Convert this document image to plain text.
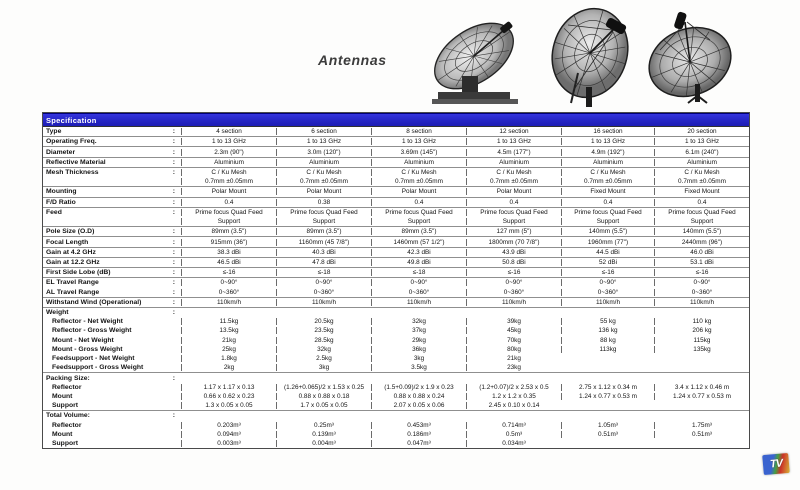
Antennas
Specification
Type	:	4 section	6 section	8 section	12 section	16 section	20 section
Operating Freq.	:	1 to 13 GHz	1 to 13 GHz	1 to 13 GHz	1 to 13 GHz	1 to 13 GHz	1 to 13 GHz
Diameter	:	2.3m (90")	3.0m (120")	3.69m (145")	4.5m (177")	4.9m (192")	6.1m (240")
Reflective Material	:	Aluminium	Aluminium	Aluminium	Aluminium	Aluminium	Aluminium
Mesh Thickness	:	C / Ku Mesh	C / Ku Mesh	C / Ku Mesh	C / Ku Mesh	C / Ku Mesh	C / Ku Mesh
0.7mm ±0.05mm	0.7mm ±0.05mm	0.7mm ±0.05mm	0.7mm ±0.05mm	0.7mm ±0.05mm	0.7mm ±0.05mm
Mounting	:	Polar Mount	Polar Mount	Polar Mount	Polar Mount	Fixed Mount	Fixed Mount
F/D Ratio	:	0.4	0.38	0.4	0.4	0.4	0.4
Feed	:	Prime focus Quad Feed	Prime focus Quad Feed	Prime focus Quad Feed	Prime focus Quad Feed	Prime focus Quad Feed	Prime focus Quad Feed
Support	Support	Support	Support	Support	Support
Pole Size (O.D)	:	89mm (3.5")	89mm (3.5")	89mm (3.5")	127 mm (5")	140mm (5.5")	140mm (5.5")
Focal Length	:	915mm (36")	1160mm (45 7/8")	1460mm (57 1/2")	1800mm (70 7/8")	1960mm (77")	2440mm (96")
Gain at 4.2 GHz	:	38.3 dBi	40.3 dBi	42.3 dBi	43.9 dBi	44.5 dBi	46.0 dBi
Gain at 12.2 GHz	:	46.5 dBi	47.8 dBi	49.8 dBi	50.8 dBi	52 dBi	53.1 dBi
First Side Lobe (dB)	:	≤-16	≤-18	≤-18	≤-16	≤-16	≤-16
EL Travel Range	:	0~90°	0~90°	0~90°	0~90°	0~90°	0~90°
AL Travel Range	:	0~360°	0~360°	0~360°	0~360°	0~360°	0~360°
Withstand Wind (Operational)	:	110km/h	110km/h	110km/h	110km/h	110km/h	110km/h
Weight	:
Reflector - Net Weight	11.5kg	20.5kg	32kg	39kg	55 kg	110 kg
Reflector - Gross Weight	13.5kg	23.5kg	37kg	45kg	136 kg	206 kg
Mount - Net Weight	21kg	28.5kg	29kg	70kg	88 kg	115kg
Mount - Gross Weight	25kg	32kg	36kg	80kg	113kg	135kg
Feedsupport - Net Weight	1.8kg	2.5kg	3kg	21kg
Feedsupport - Gross Weight	2kg	3kg	3.5kg	23kg
Packing Size:	:
Reflector	1.17 x 1.17 x 0.13	(1.26+0.065)/2 x 1.53 x 0.25	(1.5+0.09)/2 x 1.9 x 0.23	(1.2+0.07)/2 x 2.53 x 0.5	2.75 x 1.12 x 0.34 m	3.4 x 1.12 x 0.46 m
Mount	0.66 x 0.62 x 0.23	0.88 x 0.88 x 0.18	0.88 x 0.88 x 0.24	1.2 x 1.2 x 0.35	1.24 x 0.77 x 0.53 m	1.24 x 0.77 x 0.53 m
Support	1.3 x 0.05 x 0.05	1.7 x 0.05 x 0.05	2.07 x 0.05 x 0.06	2.45 x 0.10 x 0.14
Total Volume:	:
Reflector	0.203m³	0.25m³	0.453m³	0.714m³	1.05m³	1.75m³
Mount	0.094m³	0.139m³	0.186m³	0.5m³	0.51m³	0.51m³
Support	0.003m³	0.004m³	0.047m³	0.034m³
TV
